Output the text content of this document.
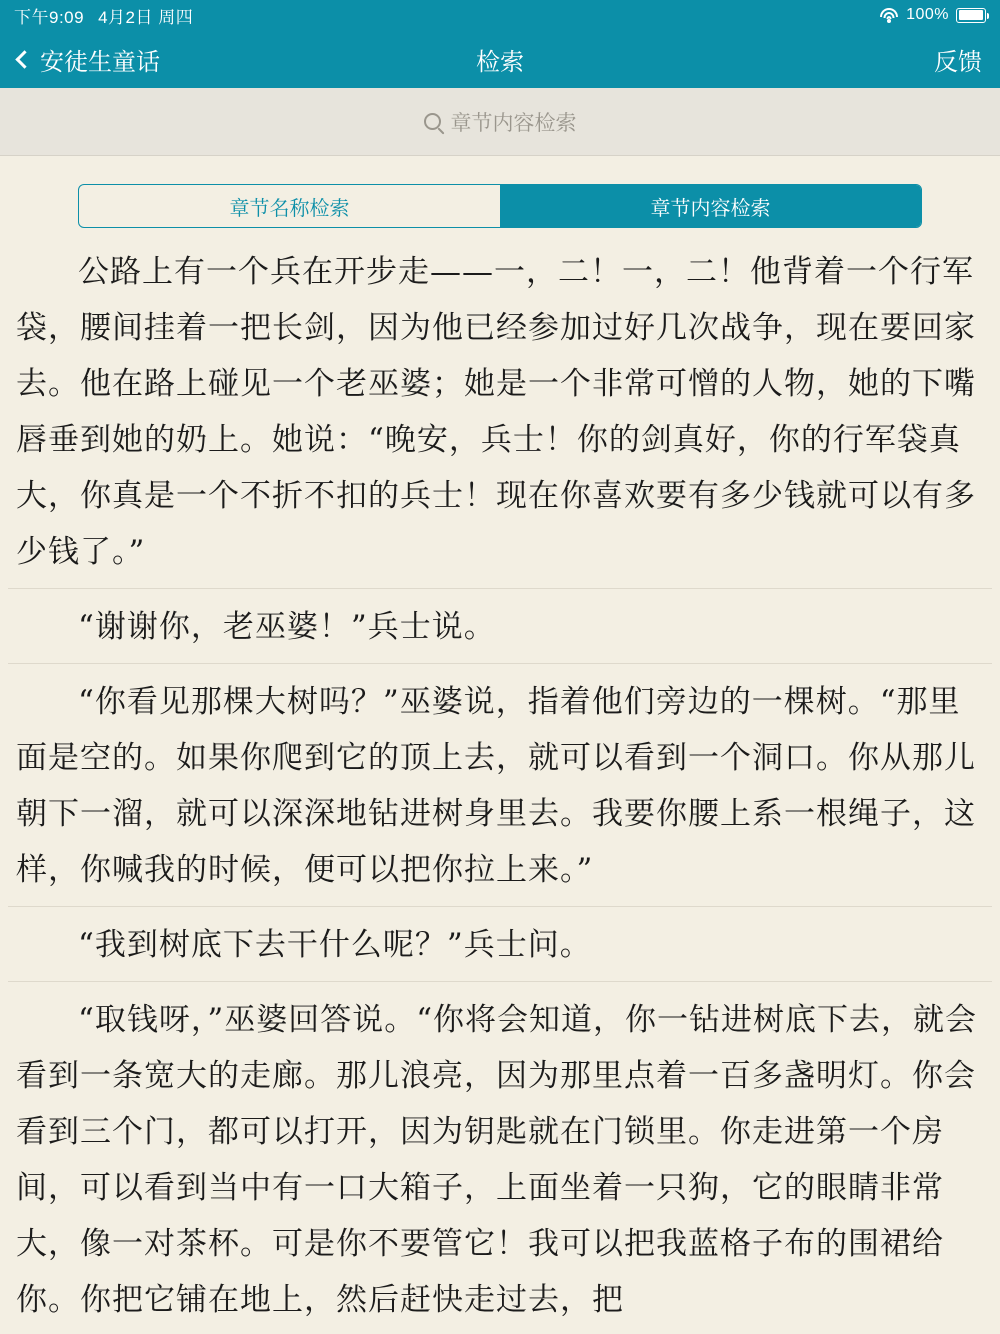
下午9:09 4月2日 周四	100%
安徒生童话	检索	反馈
章节内容检索
章节名称检索	章节内容检索

公路上有一个兵在开步走——一，二！一，二！他背着一个行军袋，腰间挂着一把长剑，因为他已经参加过好几次战争，现在要回家去。他在路上碰见一个老巫婆；她是一个非常可憎的人物，她的下嘴唇垂到她的奶上。她说：“晚安，兵士！你的剑真好，你的行军袋真大，你真是一个不折不扣的兵士！现在你喜欢要有多少钱就可以有多少钱了。”

“谢谢你，老巫婆！”兵士说。

“你看见那棵大树吗？”巫婆说，指着他们旁边的一棵树。“那里面是空的。如果你爬到它的顶上去，就可以看到一个洞口。你从那儿朝下一溜，就可以深深地钻进树身里去。我要你腰上系一根绳子，这样，你喊我的时候，便可以把你拉上来。”

“我到树底下去干什么呢？”兵士问。

“取钱呀，”巫婆回答说。“你将会知道，你一钻进树底下去，就会看到一条宽大的走廊。那儿浪亮，因为那里点着一百多盏明灯。你会看到三个门，都可以打开，因为钥匙就在门锁里。你走进第一个房间，可以看到当中有一口大箱子，上面坐着一只狗，它的眼睛非常大，像一对茶杯。可是你不要管它！我可以把我蓝格子布的围裙给你。你把它铺在地上，然后赶快走过去，把
